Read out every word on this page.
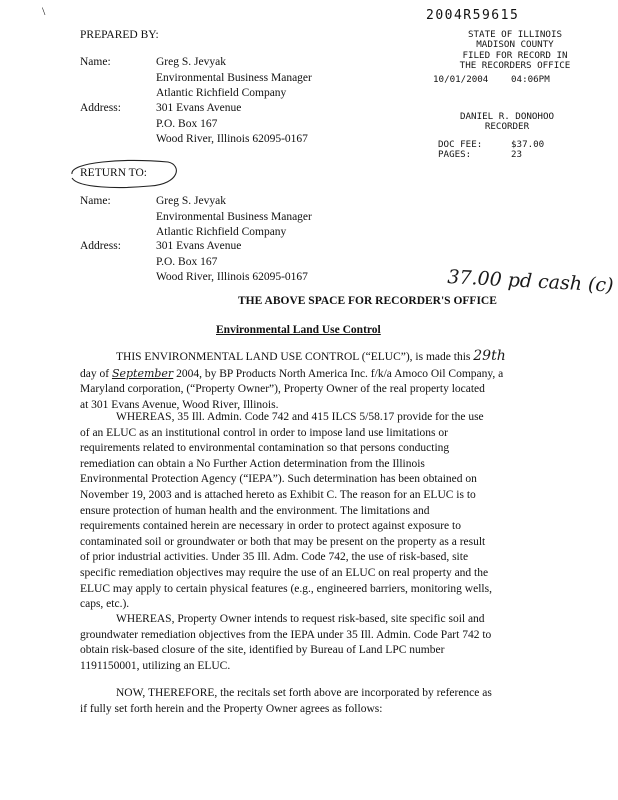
\	2004R59615
PREPARED BY:
Name:	Greg S. Jevyak
Environmental Business Manager
Atlantic Richfield Company
Address:	301 Evans Avenue
P.O. Box 167
Wood River, Illinois 62095-0167
STATE OF ILLINOIS
MADISON COUNTY
FILED FOR RECORD IN
THE RECORDERS OFFICE
10/01/2004 04:06PM
DANIEL R. DONOHOO
RECORDER
DOC FEE:	$37.00
PAGES:	23
RETURN TO:
Name:	Greg S. Jevyak
Environmental Business Manager
Atlantic Richfield Company
Address:	301 Evans Avenue
P.O. Box 167
Wood River, Illinois 62095-0167	37.00 pd cash (c)
THE ABOVE SPACE FOR RECORDER'S OFFICE
Environmental Land Use Control
THIS ENVIRONMENTAL LAND USE CONTROL (“ELUC”), is made this 29th
day of September 2004, by BP Products North America Inc. f/k/a Amoco Oil Company, a
Maryland corporation, (“Property Owner”), Property Owner of the real property located
at 301 Evans Avenue, Wood River, Illinois.
WHEREAS, 35 Ill. Admin. Code 742 and 415 ILCS 5/58.17 provide for the use
of an ELUC as an institutional control in order to impose land use limitations or
requirements related to environmental contamination so that persons conducting
remediation can obtain a No Further Action determination from the Illinois
Environmental Protection Agency (“IEPA”). Such determination has been obtained on
November 19, 2003 and is attached hereto as Exhibit C. The reason for an ELUC is to
ensure protection of human health and the environment. The limitations and
requirements contained herein are necessary in order to protect against exposure to
contaminated soil or groundwater or both that may be present on the property as a result
of prior industrial activities. Under 35 Ill. Adm. Code 742, the use of risk-based, site
specific remediation objectives may require the use of an ELUC on real property and the
ELUC may apply to certain physical features (e.g., engineered barriers, monitoring wells,
caps, etc.).
WHEREAS, Property Owner intends to request risk-based, site specific soil and
groundwater remediation objectives from the IEPA under 35 Ill. Admin. Code Part 742 to
obtain risk-based closure of the site, identified by Bureau of Land LPC number
1191150001, utilizing an ELUC.
NOW, THEREFORE, the recitals set forth above are incorporated by reference as
if fully set forth herein and the Property Owner agrees as follows:
